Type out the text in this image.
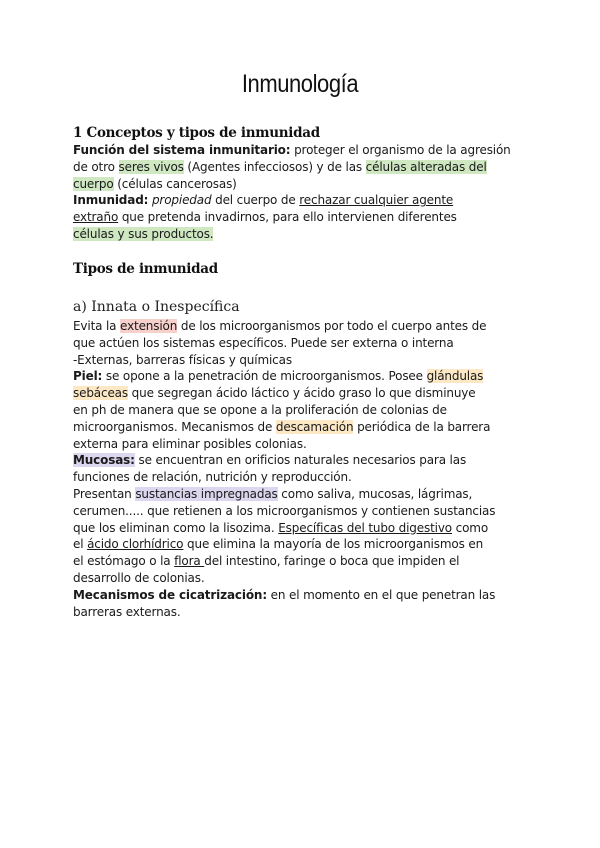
Inmunología
1 Conceptos y tipos de inmunidad
Función del sistema inmunitario: proteger el organismo de la agresión
de otro seres vivos (Agentes infecciosos) y de las células alteradas del
cuerpo (células cancerosas)
Inmunidad: propiedad del cuerpo de rechazar cualquier agente
extraño que pretenda invadirnos, para ello intervienen diferentes
células y sus productos.
Tipos de inmunidad
a) Innata o Inespecífica
Evita la extensión de los microorganismos por todo el cuerpo antes de
que actúen los sistemas específicos. Puede ser externa o interna
-Externas, barreras físicas y químicas
Piel: se opone a la penetración de microorganismos. Posee glándulas
sebáceas que segregan ácido láctico y ácido graso lo que disminuye
en ph de manera que se opone a la proliferación de colonias de
microorganismos. Mecanismos de descamación periódica de la barrera
externa para eliminar posibles colonias.
Mucosas: se encuentran en orificios naturales necesarios para las
funciones de relación, nutrición y reproducción.
Presentan sustancias impregnadas como saliva, mucosas, lágrimas,
cerumen..... que retienen a los microorganismos y contienen sustancias
que los eliminan como la lisozima. Específicas del tubo digestivo como
el ácido clorhídrico que elimina la mayoría de los microorganismos en
el estómago o la flora del intestino, faringe o boca que impiden el
desarrollo de colonias.
Mecanismos de cicatrización: en el momento en el que penetran las
barreras externas.
